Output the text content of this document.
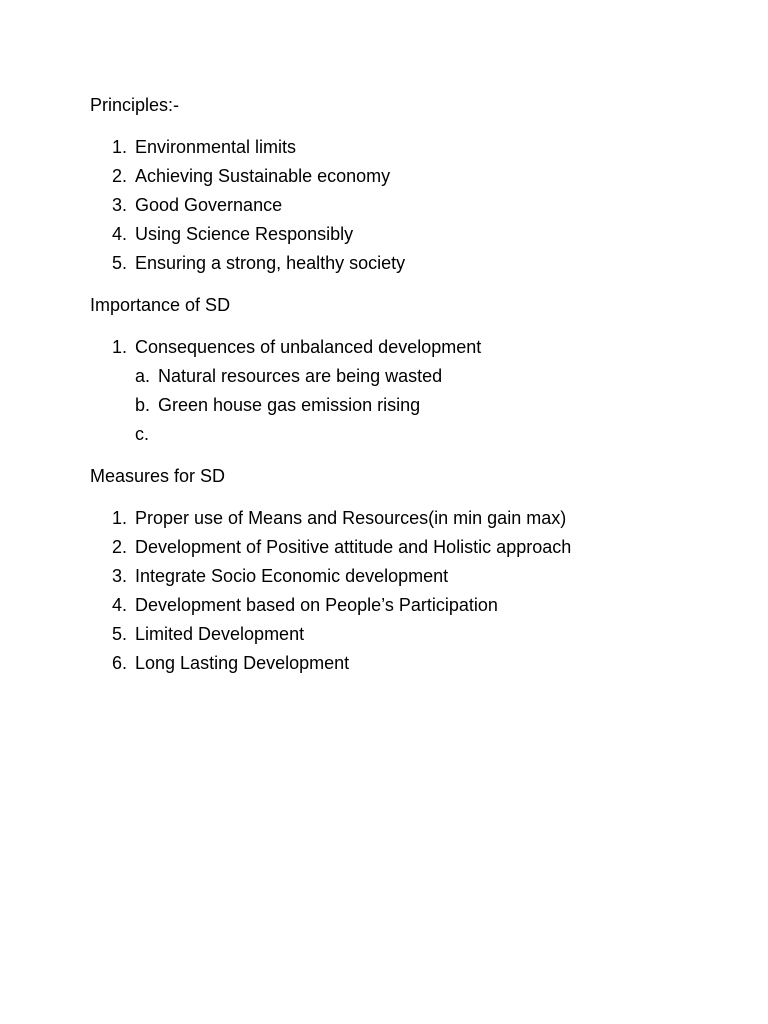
Principles:-

1. Environmental limits
2. Achieving Sustainable economy
3. Good Governance
4. Using Science Responsibly
5. Ensuring a strong, healthy society

Importance of SD

1. Consequences of unbalanced development
a. Natural resources are being wasted
b. Green house gas emission rising
c.

Measures for SD

1. Proper use of Means and Resources(in min gain max)
2. Development of Positive attitude and Holistic approach
3. Integrate Socio Economic development
4. Development based on People’s Participation
5. Limited Development
6. Long Lasting Development
